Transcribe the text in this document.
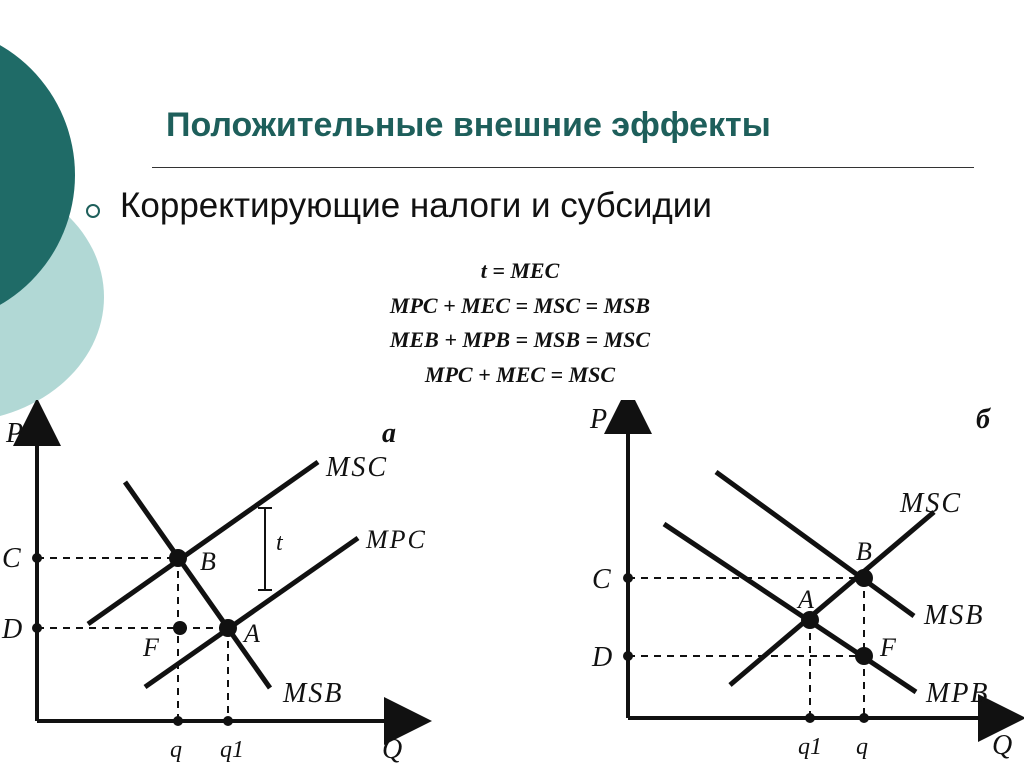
Положительные внешние эффекты

Корректирующие налоги и субсидии

t = MEC
MPC + MEC = MSC = MSB
MEB + MPB = MSB = MSC
MPC + MEC = MSC
P
Q
a
C
D
q q1
MSC
MPC
MSB
B
A
F
t
P
Q
б
C
D
q1 q
MSC
MSB
MPB
B
A
F
